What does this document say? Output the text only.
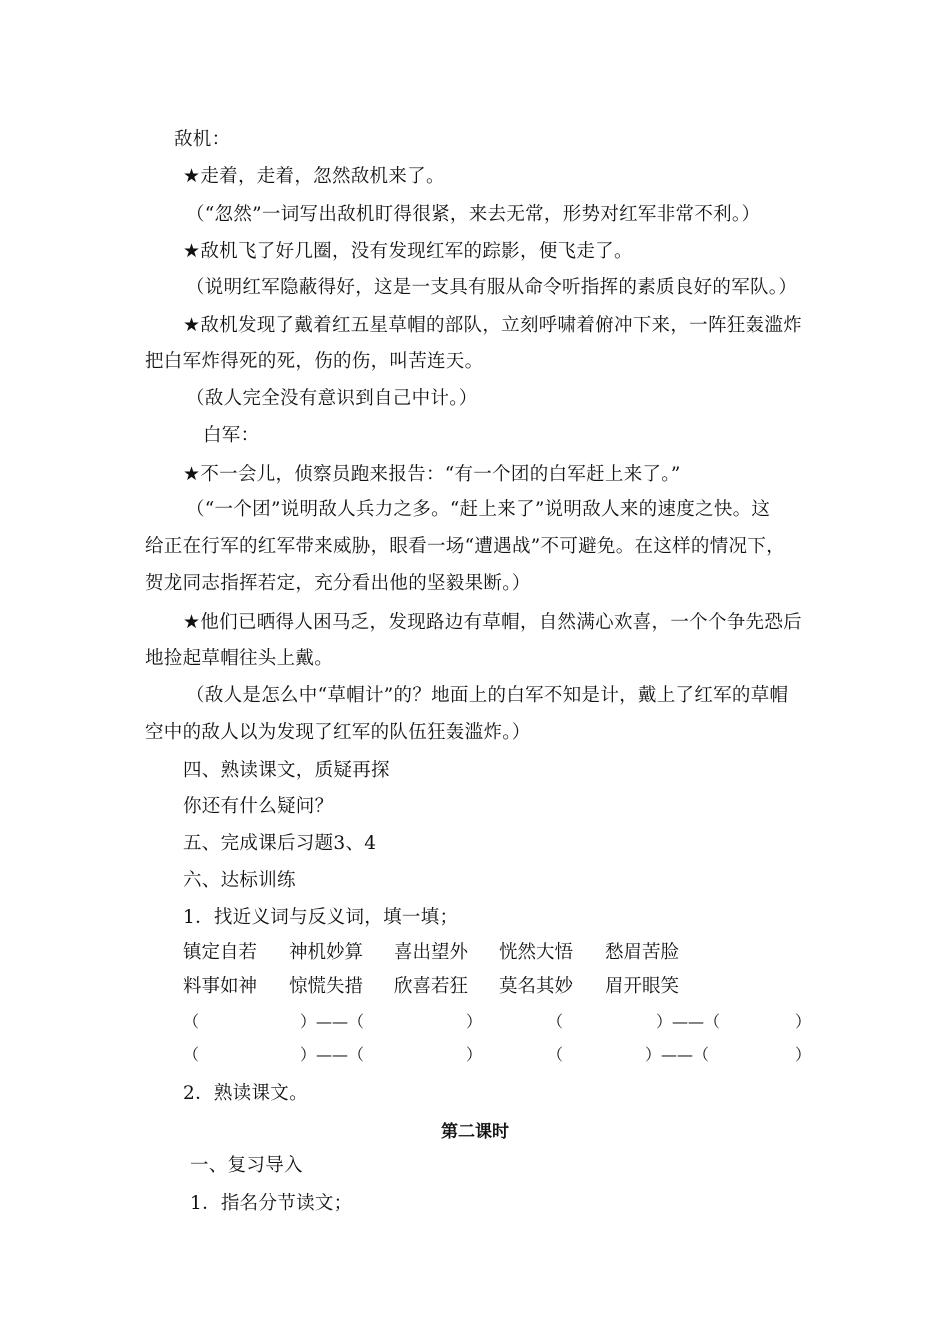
敌机：
★走着，走着，忽然敌机来了。
（“忽然”一词写出敌机盯得很紧，来去无常，形势对红军非常不利。）
★敌机飞了好几圈，没有发现红军的踪影，便飞走了。
（说明红军隐蔽得好，这是一支具有服从命令听指挥的素质良好的军队。）
★敌机发现了戴着红五星草帽的部队，立刻呼啸着俯冲下来，一阵狂轰滥炸
把白军炸得死的死，伤的伤，叫苦连天。
（敌人完全没有意识到自己中计。）
白军：
★不一会儿，侦察员跑来报告：“有一个团的白军赶上来了。”
（“一个团”说明敌人兵力之多。“赶上来了”说明敌人来的速度之快。这
给正在行军的红军带来威胁，眼看一场“遭遇战”不可避免。在这样的情况下，
贺龙同志指挥若定，充分看出他的坚毅果断。）
★他们已晒得人困马乏，发现路边有草帽，自然满心欢喜，一个个争先恐后
地捡起草帽往头上戴。
（敌人是怎么中“草帽计”的？地面上的白军不知是计，戴上了红军的草帽
空中的敌人以为发现了红军的队伍狂轰滥炸。）
四、熟读课文，质疑再探
你还有什么疑问？
五、完成课后习题3、4
六、达标训练
1．找近义词与反义词，填一填；
镇定自若 神机妙算 喜出望外 恍然大悟 愁眉苦脸
料事如神 惊慌失措 欣喜若狂 莫名其妙 眉开眼笑
（	）——（	）	（	）——（	）
（	）——（	）	（	）——（	）
2．熟读课文。
第二课时
一、复习导入
1．指名分节读文；
